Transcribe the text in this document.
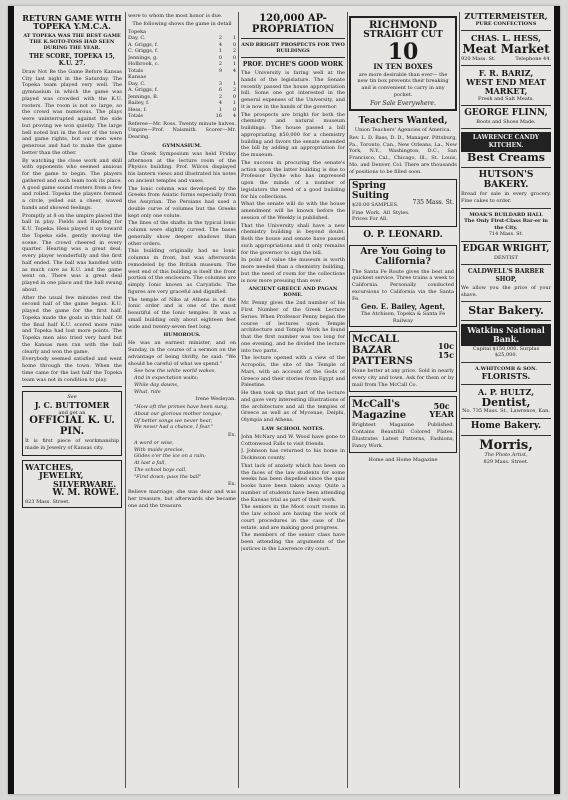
RETURN GAME WITH TOPEKA Y.M.C.A.
AT TOPEKA WAS THE BEST GAME THE K.SOTO-TOSS HAD SEEN DURING THE YEAR.
THE SCORE, TOPEKA 15, K.U. 27.
Draw Not Be the Game Before Kansas City last night in the Saturday. The Topeka team played very well. The gymnasium in which the game was played was crowded with the K.U. rooters. The room is not so large, so the crowd was numerous. The plays were uninterrupted against the side but proving we won quietly. The large bell noted but in the floor of the town and game rights, but our men were generous and had to make the game better than the other.
By watching the close work and skill with opponents who seemed anxious for the game to begin. The players gathered and each team took its place. A good game sound rooters from a few and rolled. Topeka the players formed a circle, yelled out a cheer, waved hands and showed feelings.
Promptly at 8 on the umpire placed the ball in play. Fields and Harding for K.U. Topeka: Hess played it up toward the Topeka side, gently moving the scene. The crowd cheered in every quarter. Hearing was a great deal, every player wonderfully and the first half ended. The ball was handled with as much care as K.U. and the game went on. There was a great deal played in one place and the ball swung about.
After the usual few minutes rest the second half of the game began. K.U. played the game for the first half. Topeka made the goals in this half. Of the final half K.U. scored more runs and Topeka had lost more points. The Topeka men also tried very hard but the Kansas men ran with the ball clearly and won the game.
Everybody seemed satisfied and went home through the town. When the time came for the last half the Topeka team was not in condition to play.
See
J. C. BUTTOMER
and get an
OFFICIAL K. U. PIN.
It is first piece of workmanship made in Jewelry of Kansas city.
WATCHES,
JEWELRY,
SILVERWARE.
W. M. ROWE.
823 Mass. Street.
were to whom the most honor is due.
The following shows the game in detail
Topeka
Day, C.	2	1
A. Griggs, f.	4	0
C. Griggs, f.	1	2
Jennings, g.	0	0
Holbrook, c.	2	1
Totals	9	4
Kansas
Day, C.	3	1
A. Griggs, f.	6	2
Jennings, B.	2	0
Bailey, f.	4	1
Hess, f.	1	0
Totals	16	4
Referee—Mr. Ross. Twenty minute halves. Umpire—Prof. Naismith. Scorer—Mr. Dearing.
GYMNASIUM.
The Greek Symposium was held Friday afternoon at the lecture room of the Physics building. Prof. Wilcox displayed his lantern views and illustrated his notes on ancient temples and vases.
The Ionic column was developed by the Greeks from Asiatic forms especially from the Assyrian. The Persians had used a double curve of volumes but the Greeks kept only one volute.
The lines of the shafts in the typical Ionic column were slightly curved. The bases generally show deeper shadows than other orders.
This building originally had no Ionic columns in front, but was afterwards remodeled by the British museum. The west end of this building is itself the front portion of the enclosure. The columns are simply Ionic known as Caryatids. The figures are very graceful and dignified.
The temple of Nike at Athens is of the Ionic order and is one of the most beautiful of the Ionic temples. It was a small building only about eighteen feet wide and twenty-seven feet long.
HUMOROUS.
He was an earnest minister, and on Sunday, in the course of a sermon on the advantage of being thrifty, he said: "We should be careful of what we spend."
See how the white world wakes,
And in expectation waits;
While day dawns,
What, ride
Irene Wesleyan.
"How oft the primes have been sung,
About our glorious mother tongue,
Of better songs we never hear,
We never had a chance, I fear."
Ex.
A word or wise,
With maids precise,
Glides o'er the ice on a rain;
At last a fall,
The school boys call,
"First down; pass the ball"
Ex.
Believe marriage; she was dear and was her treasure, but afterwards she became one and the treasure.
120,000 AP- PROPRIATION
AND BRIGHT PROSPECTS FOR TWO BUILDINGS
PROF. DYCHE'S GOOD WORK
The University is faring well at the hands of the legislature. The Senate recently passed the house appropriation bill. Some one got interested in the general expenses of the University, and it is now in the hands of the governor.
The prospects are bright for both the chemistry and natural museum buildings. The house passed a bill appropriating $50,000 for a chemistry building and favors the senate amended the bill by adding an appropriation for the museum.
The success in procuring the senate's action upon the latter building is due to Professor Dyche who has impressed upon the minds of a number of legislators the need of a good building for his collections.
What the senate will do with the house amendment will be known before the session of the Weekly is published.
That the University shall have a new chemistry building is beyond doubt. Both the house and senate have passed such appropriations and it only remains for the governor to sign the bill.
In point of value the museum is worth more needed than a chemistry building, but the need of room for the collections is now more pressing than ever.
ANCIENT GREECE AND PAGAN ROME.
Mr. Penny gives the 2nd number of his First Number of the Greek Lecture Series. When Professor Penny began the course of lectures upon Temple architecture and Temple Work he found that the first number was too long for one evening, and he divided the lecture into two parts.
The lecture opened with a view of the Acropolis, the site of the Temple of Mars, with an account of the Gods of Greece and their stories from Egypt and Palestine.
He then took up that part of the lecture and gave very interesting illustrations of the architecture and all the temples of Greece as well as of Mycenae, Delphi, Olympia and Athens.
LAW SCHOOL NOTES.
John McNary and W. Wood have gone to Cottonwood Falls to visit friends.
J. Johnson has returned to his home in Dickinson county.
That lack of anxiety which has been on the faces of the law students for some weeks has been dispelled since the quiz books have been taken away. Quite a number of students have been attending the Kansas trial as part of their work.
The seniors in the Moot court rooms in the law school are having the work of court procedures in the case of the estate, and are making good progress.
The members of the senior class have been attending the arguments of the justices in the Lawrence city court.
RICHMOND
STRAIGHT CUT
10
IN TEN BOXES
are more desirable than ever— the new tin box prevents their breaking and is convenient to carry in any pocket.
For Sale Everywhere.
Teachers Wanted,
Union Teachers' Agencies of America.
Rev. L. D. Bass, D. D., Manager. Pittsburg, Pa., Toronto, Can., New Orleans, La., New York, N.Y., Washington, D.C., San Francisco, Cal., Chicago, Ill., St. Louis, Mo. and Denver, Col. There are thousands of positions to be filled soon.
Spring Suiting
$20.00 SAMPLES.
Fine Work. All Styles. Prices For All.
735 Mass. St.
O. P. LEONARD.
Are You Going to California?
The Santa Fe Route gives the best and quickest service. Three trains a week to California. Personally conducted excursions to California via the Santa Fe.
Geo. E. Bailey, Agent,
The Atchison, Topeka & Santa Fe Railway
McCALL BAZAR PATTERNS
10c
15c
None better at any price. Sold in nearly every city and town. Ask for them or by mail from The McCall Co.
McCall's Magazine
50c
YEAR
Brightest Magazine Published. Contains Beautiful Colored Plates. Illustrates Latest Patterns, Fashions, Fancy Work.
Home and Home Magazine
ZUTTERMEISTER,
PURE CONFECTIONS
CHAS. L. HESS,
Meat Market
920 Mass. St.	Telephone 44.
F. R. BARIZ,
WEST END MEAT MARKET,
Fresh and Salt Meats.
GEORGE FLINN,
Boots and Shoes Made.
LAWRENCE CANDY KITCHEN.
Best Creams
HUTSON'S BAKERY.
Bread for sale in every grocery. Fine cakes to order.
MOAK'S BUILDARD HALL
The Only First-Class Bar-er in the City.
714 Mass. St.
EDGAR WRIGHT,
DENTIST
CALDWELL'S BARBER SHOP,
We allow you the price of your shave.
Star Bakery.
Watkins National Bank.
Capital $150,000. Surplus $25,000.
A.WHITCOMB & SON.
FLORISTS.
A. P. HULTZ,
Dentist,
No. 735 Mass. St., Lawrence, Kan.
Home Bakery.
Morris,
The Photo Artist,
829 Mass. Street.
